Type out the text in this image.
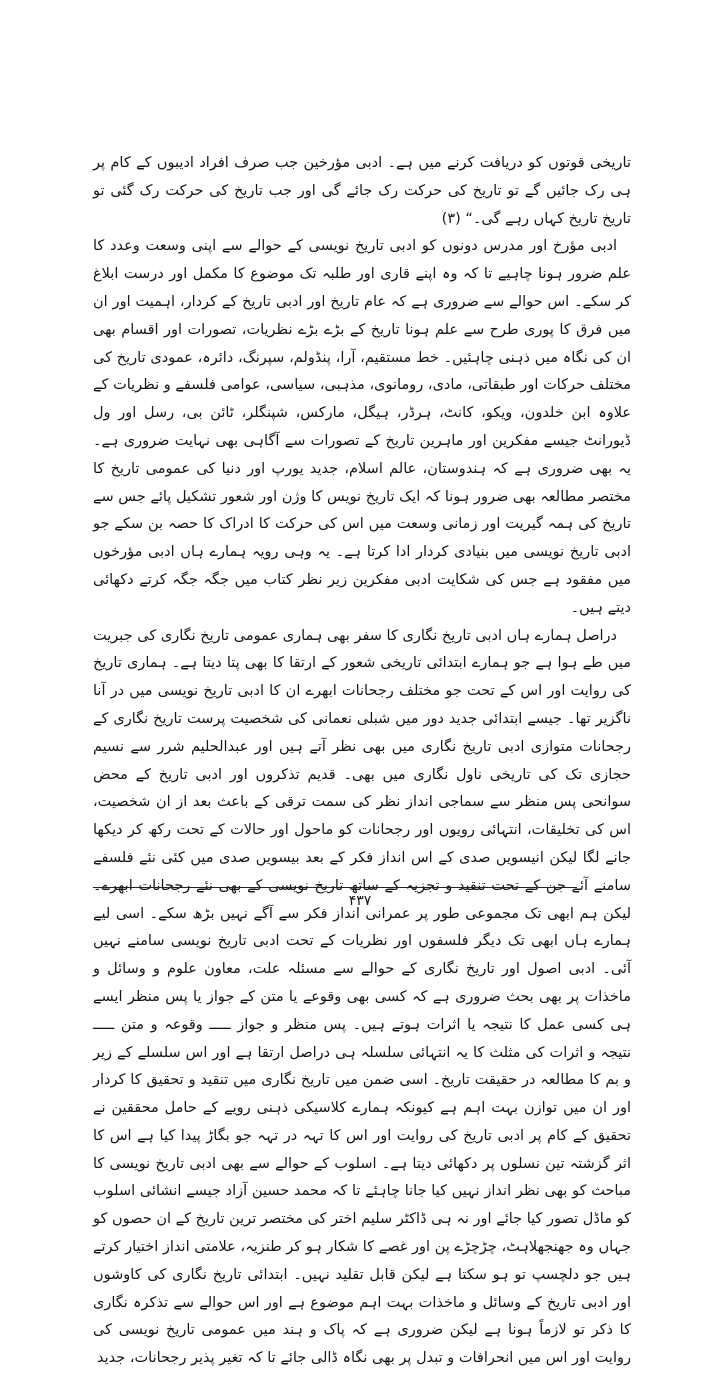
تاریخی قوتوں کو دریافت کرنے میں ہے۔ ادبی مؤرخین جب صرف افراد ادیبوں کے کام پر ہی رک جائیں گے تو تاریخ کی حرکت رک جائے گی اور جب تاریخ کی حرکت رک گئی تو تاریخ تاریخ کہاں رہے گی۔“ (۳)

ادبی مؤرخ اور مدرس دونوں کو ادبی تاریخ نویسی کے حوالے سے اپنی وسعت وعدد کا علم ضرور ہونا چاہیے تا کہ وہ اپنے قاری اور طلبہ تک موضوع کا مکمل اور درست ابلاغ کر سکے۔ اس حوالے سے ضروری ہے کہ عام تاریخ اور ادبی تاریخ کے کردار، اہمیت اور ان میں فرق کا پوری طرح سے علم ہونا تاریخ کے بڑے بڑے نظریات، تصورات اور اقسام بھی ان کی نگاہ میں ذہنی چاہئیں۔ خط مستقیم، آرا، پنڈولم، سپرنگ، دائرہ، عمودی تاریخ کی مختلف حرکات اور طبقاتی، مادی، رومانوی، مذہبی، سیاسی، عوامی فلسفے و نظریات کے علاوہ ابن خلدون، ویکو، کانٹ، ہرڈر، ہیگل، مارکس، شپنگلر، ٹائن بی، رسل اور ول ڈیورانٹ جیسے مفکرین اور ماہرین تاریخ کے تصورات سے آگاہی بھی نہایت ضروری ہے۔ یہ بھی ضروری ہے کہ ہندوستان، عالم اسلام، جدید یورپ اور دنیا کی عمومی تاریخ کا مختصر مطالعہ بھی ضرور ہونا کہ ایک تاریخ نویس کا وژن اور شعور تشکیل پائے جس سے تاریخ کی ہمہ گیریت اور زمانی وسعت میں اس کی حرکت کا ادراک کا حصہ بن سکے جو ادبی تاریخ نویسی میں بنیادی کردار ادا کرتا ہے۔ یہ وہی رویہ ہمارے ہاں ادبی مؤرخوں میں مفقود ہے جس کی شکایت ادبی مفکرین زیر نظر کتاب میں جگہ جگہ کرتے دکھائی دیتے ہیں۔

دراصل ہمارے ہاں ادبی تاریخ نگاری کا سفر بھی ہماری عمومی تاریخ نگاری کی جبریت میں طے ہوا ہے جو ہمارے ابتدائی تاریخی شعور کے ارتقا کا بھی پتا دیتا ہے۔ ہماری تاریخ کی روایت اور اس کے تحت جو مختلف رجحانات ابھرے ان کا ادبی تاریخ نویسی میں در آنا ناگزیر تھا۔ جیسے ابتدائی جدید دور میں شبلی نعمانی کی شخصیت پرست تاریخ نگاری کے رجحانات متوازی ادبی تاریخ نگاری میں بھی نظر آتے ہیں اور عبدالحلیم شرر سے نسیم حجازی تک کی تاریخی ناول نگاری میں بھی۔ قدیم تذکروں اور ادبی تاریخ کے محض سوانحی پس منظر سے سماجی انداز نظر کی سمت ترقی کے باعث بعد از ان شخصیت، اس کی تخلیقات، انتہائی رویوں اور رجحانات کو ماحول اور حالات کے تحت رکھ کر دیکھا جانے لگا لیکن انیسویں صدی کے اس انداز فکر کے بعد بیسویں صدی میں کئی نئے فلسفے سامنے آئے جن کے تحت تنقید و تجزیہ کے ساتھ تاریخ نویسی کے بھی نئے رجحانات ابھرے۔ لیکن ہم ابھی تک مجموعی طور پر عمرانی انداز فکر سے آگے نہیں بڑھ سکے۔ اسی لیے ہمارے ہاں ابھی تک دیگر فلسفوں اور نظریات کے تحت ادبی تاریخ نویسی سامنے نہیں آئی۔ ادبی اصول اور تاریخ نگاری کے حوالے سے مسئلہ علت، معاون علوم و وسائل و ماخذات پر بھی بحث ضروری ہے کہ کسی بھی وقوعے یا متن کے جواز یا پس منظر ایسے ہی کسی عمل کا نتیجہ یا اثرات ہوتے ہیں۔ پس منظر و جواز ـــــ وقوعہ و متن ـــــ نتیجہ و اثرات کی مثلث کا یہ انتہائی سلسلہ ہی دراصل ارتقا ہے اور اس سلسلے کے زیر و بم کا مطالعہ در حقیقت تاریخ۔ اسی ضمن میں تاریخ نگاری میں تنقید و تحقیق کا کردار اور ان میں توازن بہت اہم ہے کیونکہ ہمارے کلاسیکی ذہنی رویے کے حامل محققین نے تحقیق کے کام پر ادبی تاریخ کی روایت اور اس کا تہہ در تہہ جو بگاڑ پیدا کیا ہے اس کا اثر گزشتہ تین نسلوں پر دکھائی دیتا ہے۔ اسلوب کے حوالے سے بھی ادبی تاریخ نویسی کا مباحث کو بھی نظر انداز نہیں کیا جانا چاہئے تا کہ محمد حسین آزاد جیسے انشائی اسلوب کو ماڈل تصور کیا جائے اور نہ ہی ڈاکٹر سلیم اختر کی مختصر ترین تاریخ کے ان حصوں کو جہاں وہ جھنجھلاہٹ، چڑچڑے پن اور غصے کا شکار ہو کر طنزیہ، علامتی انداز اختیار کرتے ہیں جو دلچسپ تو ہو سکتا ہے لیکن قابل تقلید نہیں۔ ابتدائی تاریخ نگاری کی کاوشوں اور ادبی تاریخ کے وسائل و ماخذات بہت اہم موضوع ہے اور اس حوالے سے تذکرہ نگاری کا ذکر تو لازماً ہونا ہے لیکن ضروری ہے کہ پاک و ہند میں عمومی تاریخ نویسی کی روایت اور اس میں انحرافات و تبدل پر بھی نگاہ ڈالی جائے تا کہ تغیر پذیر رجحانات، جدید

۴۳۷
